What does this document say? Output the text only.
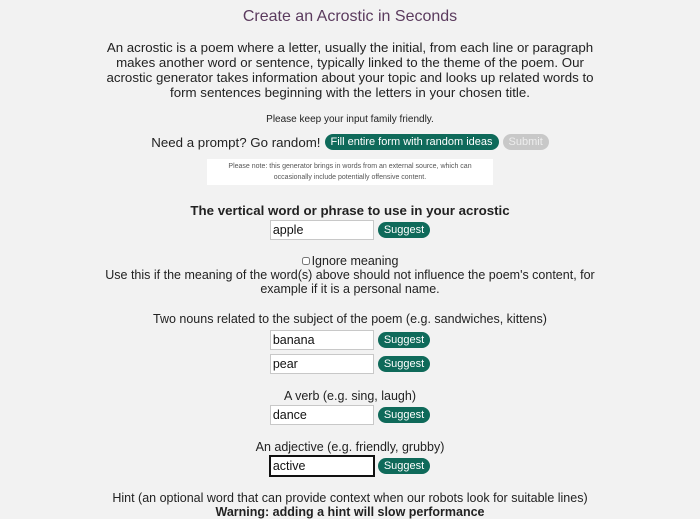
Create an Acrostic in Seconds

An acrostic is a poem where a letter, usually the initial, from each line or paragraph makes another word or sentence, typically linked to the theme of the poem. Our acrostic generator takes information about your topic and looks up related words to form sentences beginning with the letters in your chosen title.

Please keep your input family friendly.
Need a prompt? Go random! Fill entire form with random ideas	Submit
Please note: this generator brings in words from an external source, which can occasionally include potentially offensive content.
The vertical word or phrase to use in your acrostic
apple
Suggest
Ignore meaning
Use this if the meaning of the word(s) above should not influence the poem's content, for example if it is a personal name.
Two nouns related to the subject of the poem (e.g. sandwiches, kittens)
banana
Suggest
pear
Suggest
A verb (e.g. sing, laugh)
dance
Suggest
An adjective (e.g. friendly, grubby)
active
Suggest
Hint (an optional word that can provide context when our robots look for suitable lines)
Warning: adding a hint will slow performance
